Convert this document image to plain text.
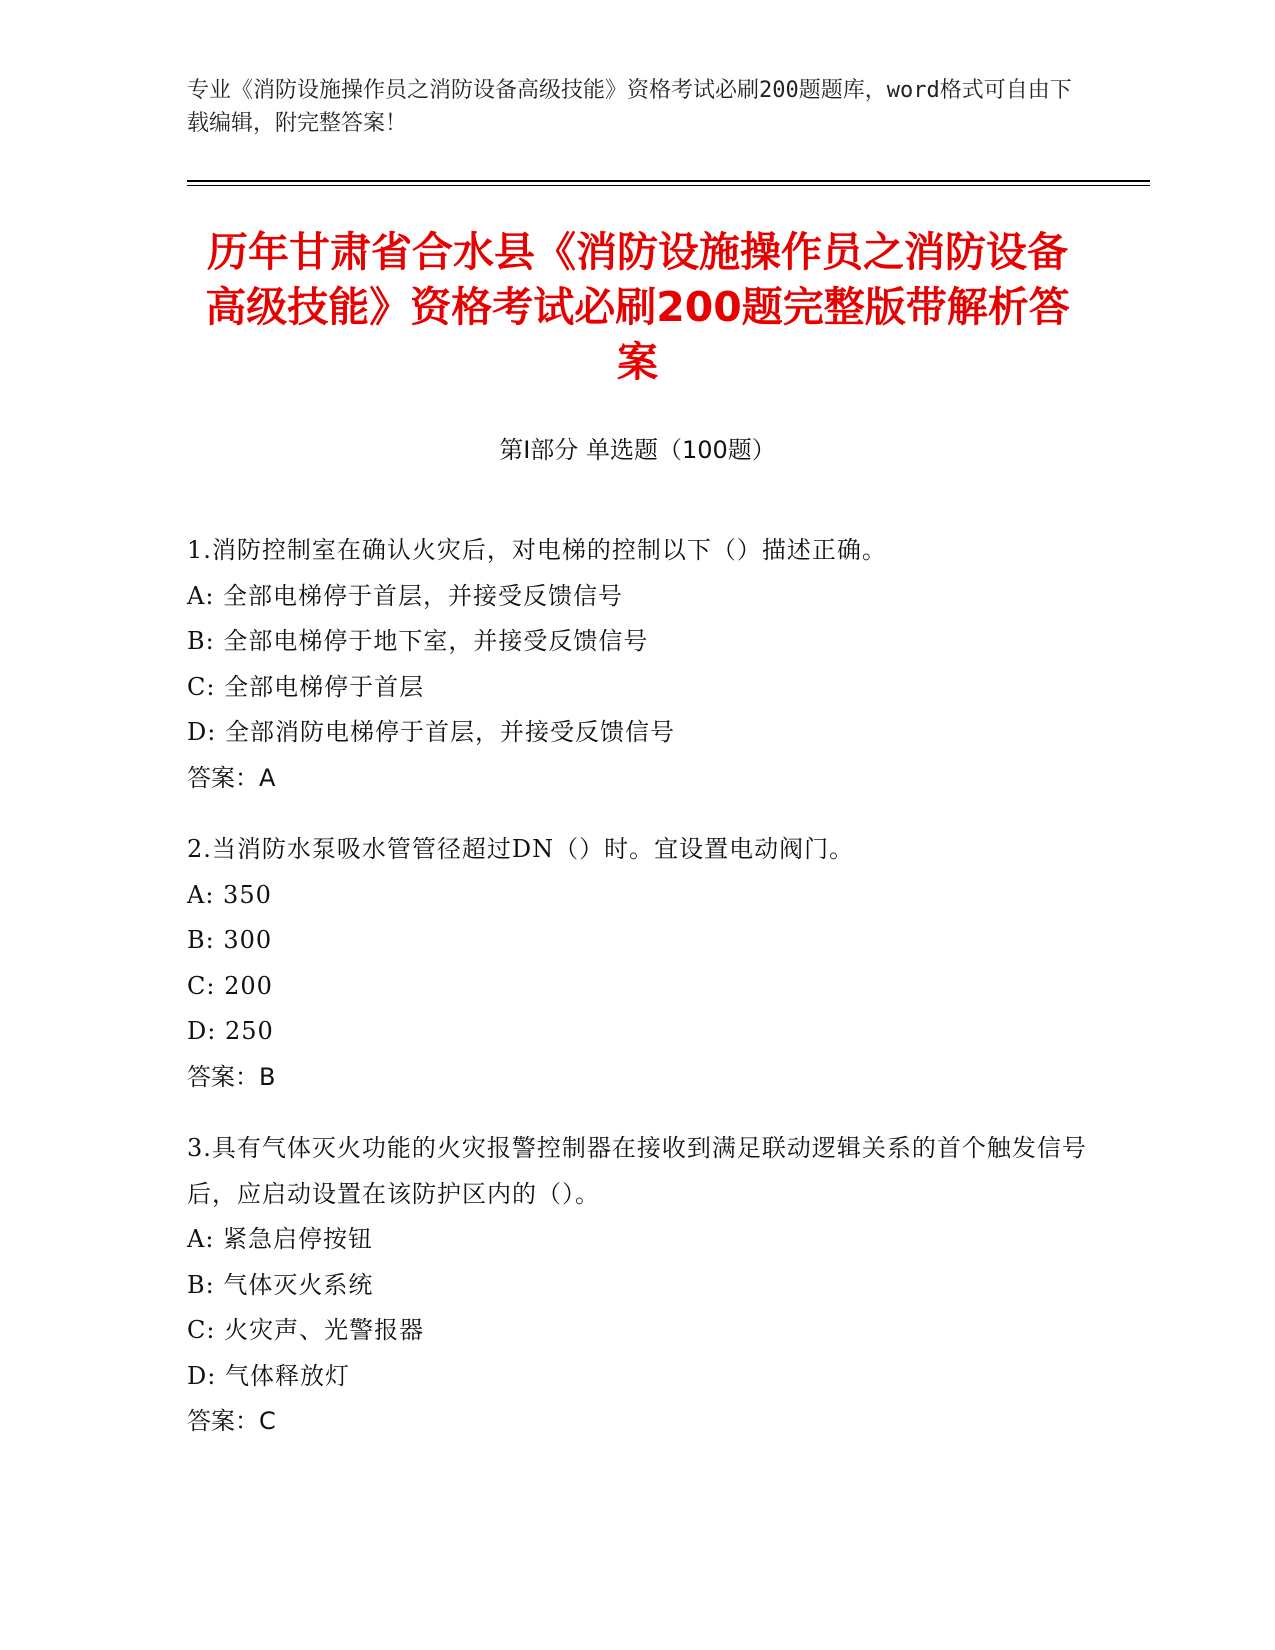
专业《消防设施操作员之消防设备高级技能》资格考试必刷200题题库，word格式可自由下载编辑，附完整答案！
历年甘肃省合水县《消防设施操作员之消防设备高级技能》资格考试必刷200题完整版带解析答案
第Ⅰ部分 单选题（100题）
1.消防控制室在确认火灾后，对电梯的控制以下（）描述正确。
A: 全部电梯停于首层，并接受反馈信号
B: 全部电梯停于地下室，并接受反馈信号
C: 全部电梯停于首层
D: 全部消防电梯停于首层，并接受反馈信号
答案：A
2.当消防水泵吸水管管径超过DN（）时。宜设置电动阀门。
A: 350
B: 300
C: 200
D: 250
答案：B
3.具有气体灭火功能的火灾报警控制器在接收到满足联动逻辑关系的首个触发信号后，应启动设置在该防护区内的（）。
A: 紧急启停按钮
B: 气体灭火系统
C: 火灾声、光警报器
D: 气体释放灯
答案：C
